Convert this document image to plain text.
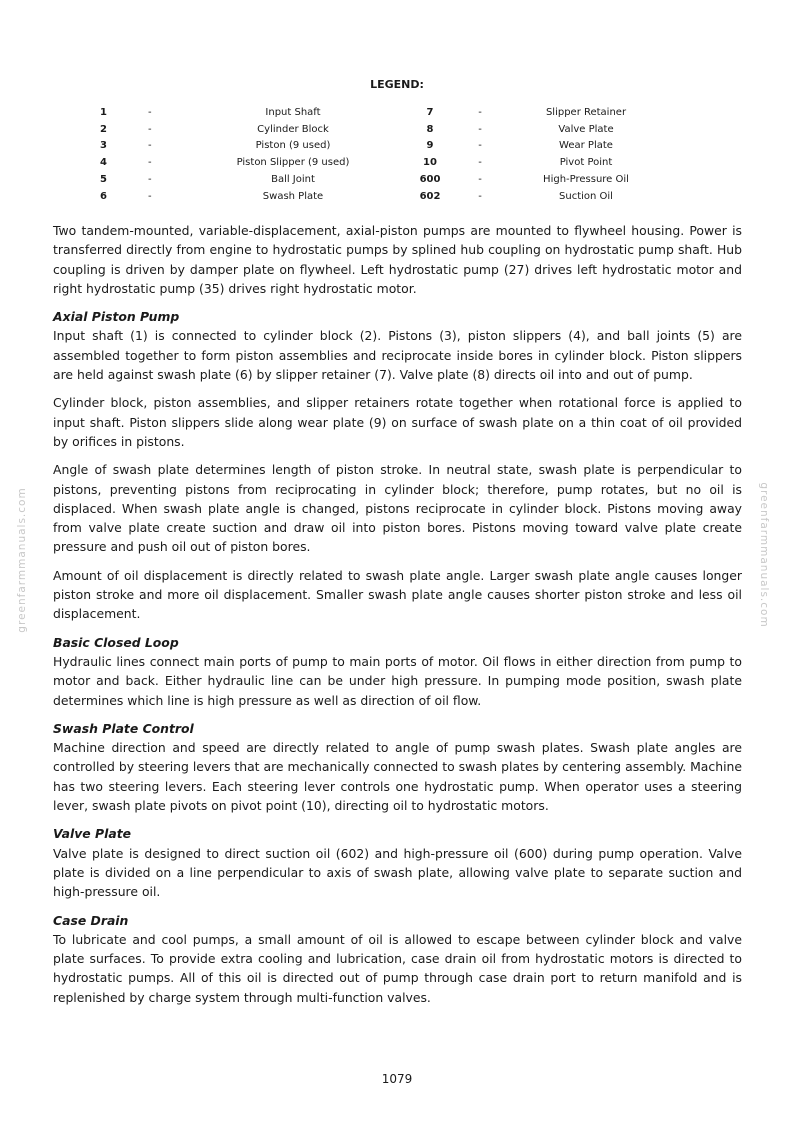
LEGEND:
1	-	Input Shaft	7	-	Slipper Retainer
2	-	Cylinder Block	8	-	Valve Plate
3	-	Piston (9 used)	9	-	Wear Plate
4	-	Piston Slipper (9 used)	10	-	Pivot Point
5	-	Ball Joint	600	-	High-Pressure Oil
6	-	Swash Plate	602	-	Suction Oil

Two tandem-mounted, variable-displacement, axial-piston pumps are mounted to flywheel housing. Power is transferred directly from engine to hydrostatic pumps by splined hub coupling on hydrostatic pump shaft. Hub coupling is driven by damper plate on flywheel. Left hydrostatic pump (27) drives left hydrostatic motor and right hydrostatic pump (35) drives right hydrostatic motor.

Axial Piston Pump

Input shaft (1) is connected to cylinder block (2). Pistons (3), piston slippers (4), and ball joints (5) are assembled together to form piston assemblies and reciprocate inside bores in cylinder block. Piston slippers are held against swash plate (6) by slipper retainer (7). Valve plate (8) directs oil into and out of pump.

Cylinder block, piston assemblies, and slipper retainers rotate together when rotational force is applied to input shaft. Piston slippers slide along wear plate (9) on surface of swash plate on a thin coat of oil provided by orifices in pistons.

Angle of swash plate determines length of piston stroke. In neutral state, swash plate is perpendicular to pistons, preventing pistons from reciprocating in cylinder block; therefore, pump rotates, but no oil is displaced. When swash plate angle is changed, pistons reciprocate in cylinder block. Pistons moving away from valve plate create suction and draw oil into piston bores. Pistons moving toward valve plate create pressure and push oil out of piston bores.

Amount of oil displacement is directly related to swash plate angle. Larger swash plate angle causes longer piston stroke and more oil displacement. Smaller swash plate angle causes shorter piston stroke and less oil displacement.

Basic Closed Loop

Hydraulic lines connect main ports of pump to main ports of motor. Oil flows in either direction from pump to motor and back. Either hydraulic line can be under high pressure. In pumping mode position, swash plate determines which line is high pressure as well as direction of oil flow.

Swash Plate Control

Machine direction and speed are directly related to angle of pump swash plates. Swash plate angles are controlled by steering levers that are mechanically connected to swash plates by centering assembly. Machine has two steering levers. Each steering lever controls one hydrostatic pump. When operator uses a steering lever, swash plate pivots on pivot point (10), directing oil to hydrostatic motors.

Valve Plate

Valve plate is designed to direct suction oil (602) and high-pressure oil (600) during pump operation. Valve plate is divided on a line perpendicular to axis of swash plate, allowing valve plate to separate suction and high-pressure oil.

Case Drain

To lubricate and cool pumps, a small amount of oil is allowed to escape between cylinder block and valve plate surfaces. To provide extra cooling and lubrication, case drain oil from hydrostatic motors is directed to hydrostatic pumps. All of this oil is directed out of pump through case drain port to return manifold and is replenished by charge system through multi-function valves.

greenfarmmanuals.com	greenfarmmanuals.com
1079
